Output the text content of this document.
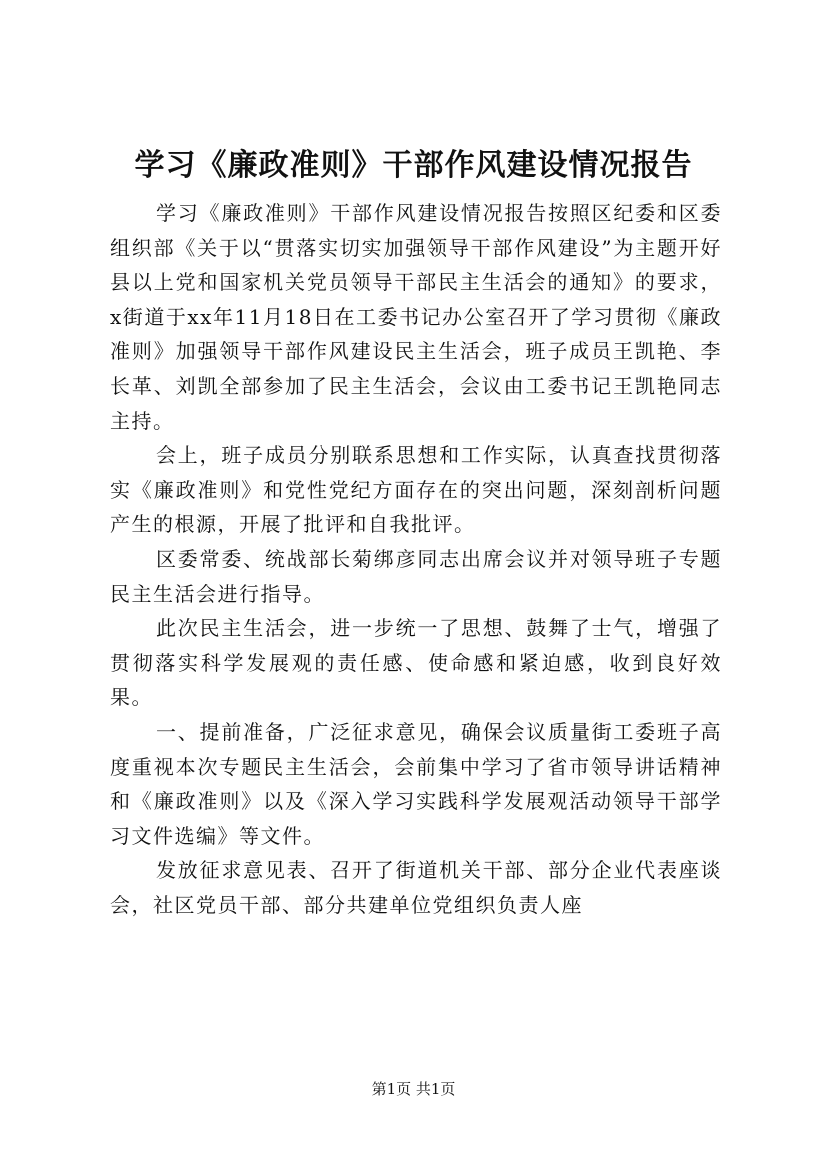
学习《廉政准则》干部作风建设情况报告

学习《廉政准则》干部作风建设情况报告按照区纪委和区委组织部《关于以“贯落实切实加强领导干部作风建设”为主题开好县以上党和国家机关党员领导干部民主生活会的通知》的要求，x街道于xx年11月18日在工委书记办公室召开了学习贯彻《廉政准则》加强领导干部作风建设民主生活会，班子成员王凯艳、李长革、刘凯全部参加了民主生活会，会议由工委书记王凯艳同志主持。

会上，班子成员分别联系思想和工作实际，认真查找贯彻落实《廉政准则》和党性党纪方面存在的突出问题，深刻剖析问题产生的根源，开展了批评和自我批评。

区委常委、统战部长菊绑彦同志出席会议并对领导班子专题民主生活会进行指导。

此次民主生活会，进一步统一了思想、鼓舞了士气，增强了贯彻落实科学发展观的责任感、使命感和紧迫感，收到良好效果。

一、提前准备，广泛征求意见，确保会议质量街工委班子高度重视本次专题民主生活会，会前集中学习了省市领导讲话精神和《廉政准则》以及《深入学习实践科学发展观活动领导干部学习文件选编》等文件。

发放征求意见表、召开了街道机关干部、部分企业代表座谈会，社区党员干部、部分共建单位党组织负责人座

第1页 共1页
